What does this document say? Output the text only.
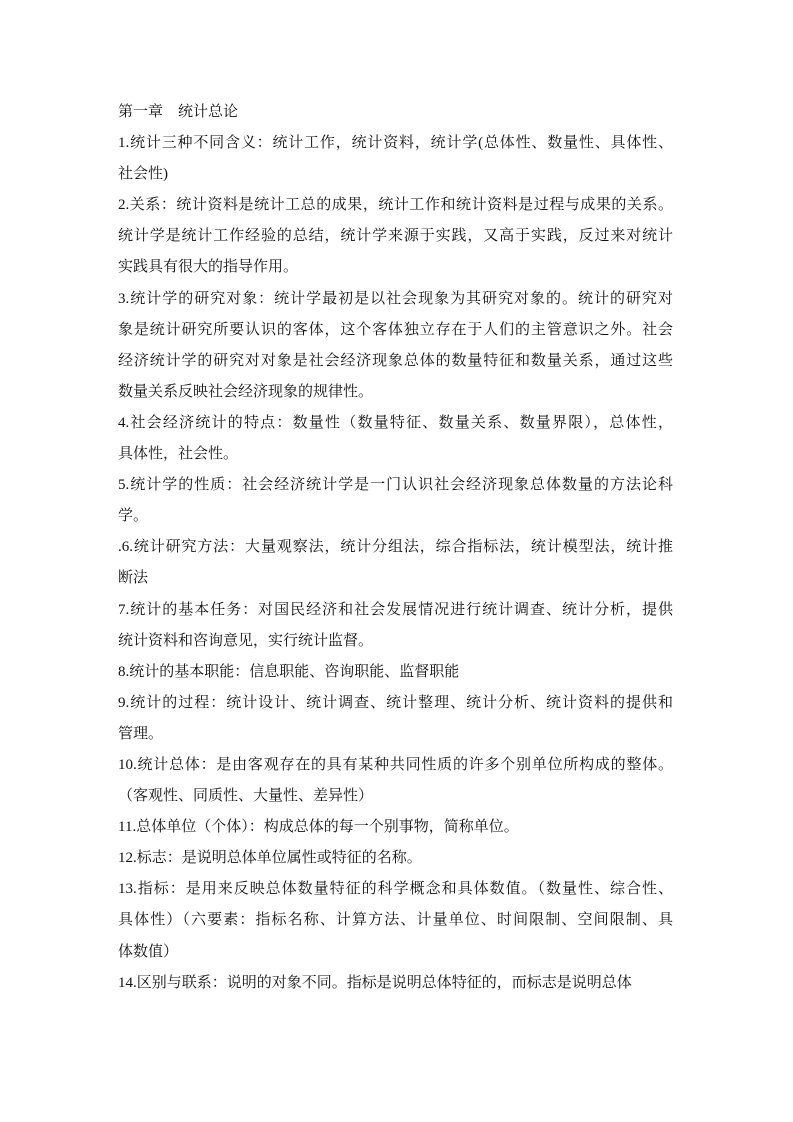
第一章　统计总论
1.统计三种不同含义：统计工作，统计资料，统计学(总体性、数量性、具体性、
社会性)
2.关系：统计资料是统计工总的成果，统计工作和统计资料是过程与成果的关系。
统计学是统计工作经验的总结，统计学来源于实践，又高于实践，反过来对统计
实践具有很大的指导作用。
3.统计学的研究对象：统计学最初是以社会现象为其研究对象的。统计的研究对
象是统计研究所要认识的客体，这个客体独立存在于人们的主管意识之外。社会
经济统计学的研究对对象是社会经济现象总体的数量特征和数量关系，通过这些
数量关系反映社会经济现象的规律性。
4.社会经济统计的特点：数量性（数量特征、数量关系、数量界限），总体性，
具体性，社会性。
5.统计学的性质：社会经济统计学是一门认识社会经济现象总体数量的方法论科
学。
.6.统计研究方法：大量观察法，统计分组法，综合指标法，统计模型法，统计推
断法
7.统计的基本任务：对国民经济和社会发展情况进行统计调查、统计分析，提供
统计资料和咨询意见，实行统计监督。
8.统计的基本职能：信息职能、咨询职能、监督职能
9.统计的过程：统计设计、统计调查、统计整理、统计分析、统计资料的提供和
管理。
10.统计总体：是由客观存在的具有某种共同性质的许多个别单位所构成的整体。
（客观性、同质性、大量性、差异性）
11.总体单位（个体）：构成总体的每一个别事物，简称单位。
12.标志：是说明总体单位属性或特征的名称。
13.指标：是用来反映总体数量特征的科学概念和具体数值。（数量性、综合性、
具体性）（六要素：指标名称、计算方法、计量单位、时间限制、空间限制、具
体数值）
14.区别与联系：说明的对象不同。指标是说明总体特征的，而标志是说明总体
